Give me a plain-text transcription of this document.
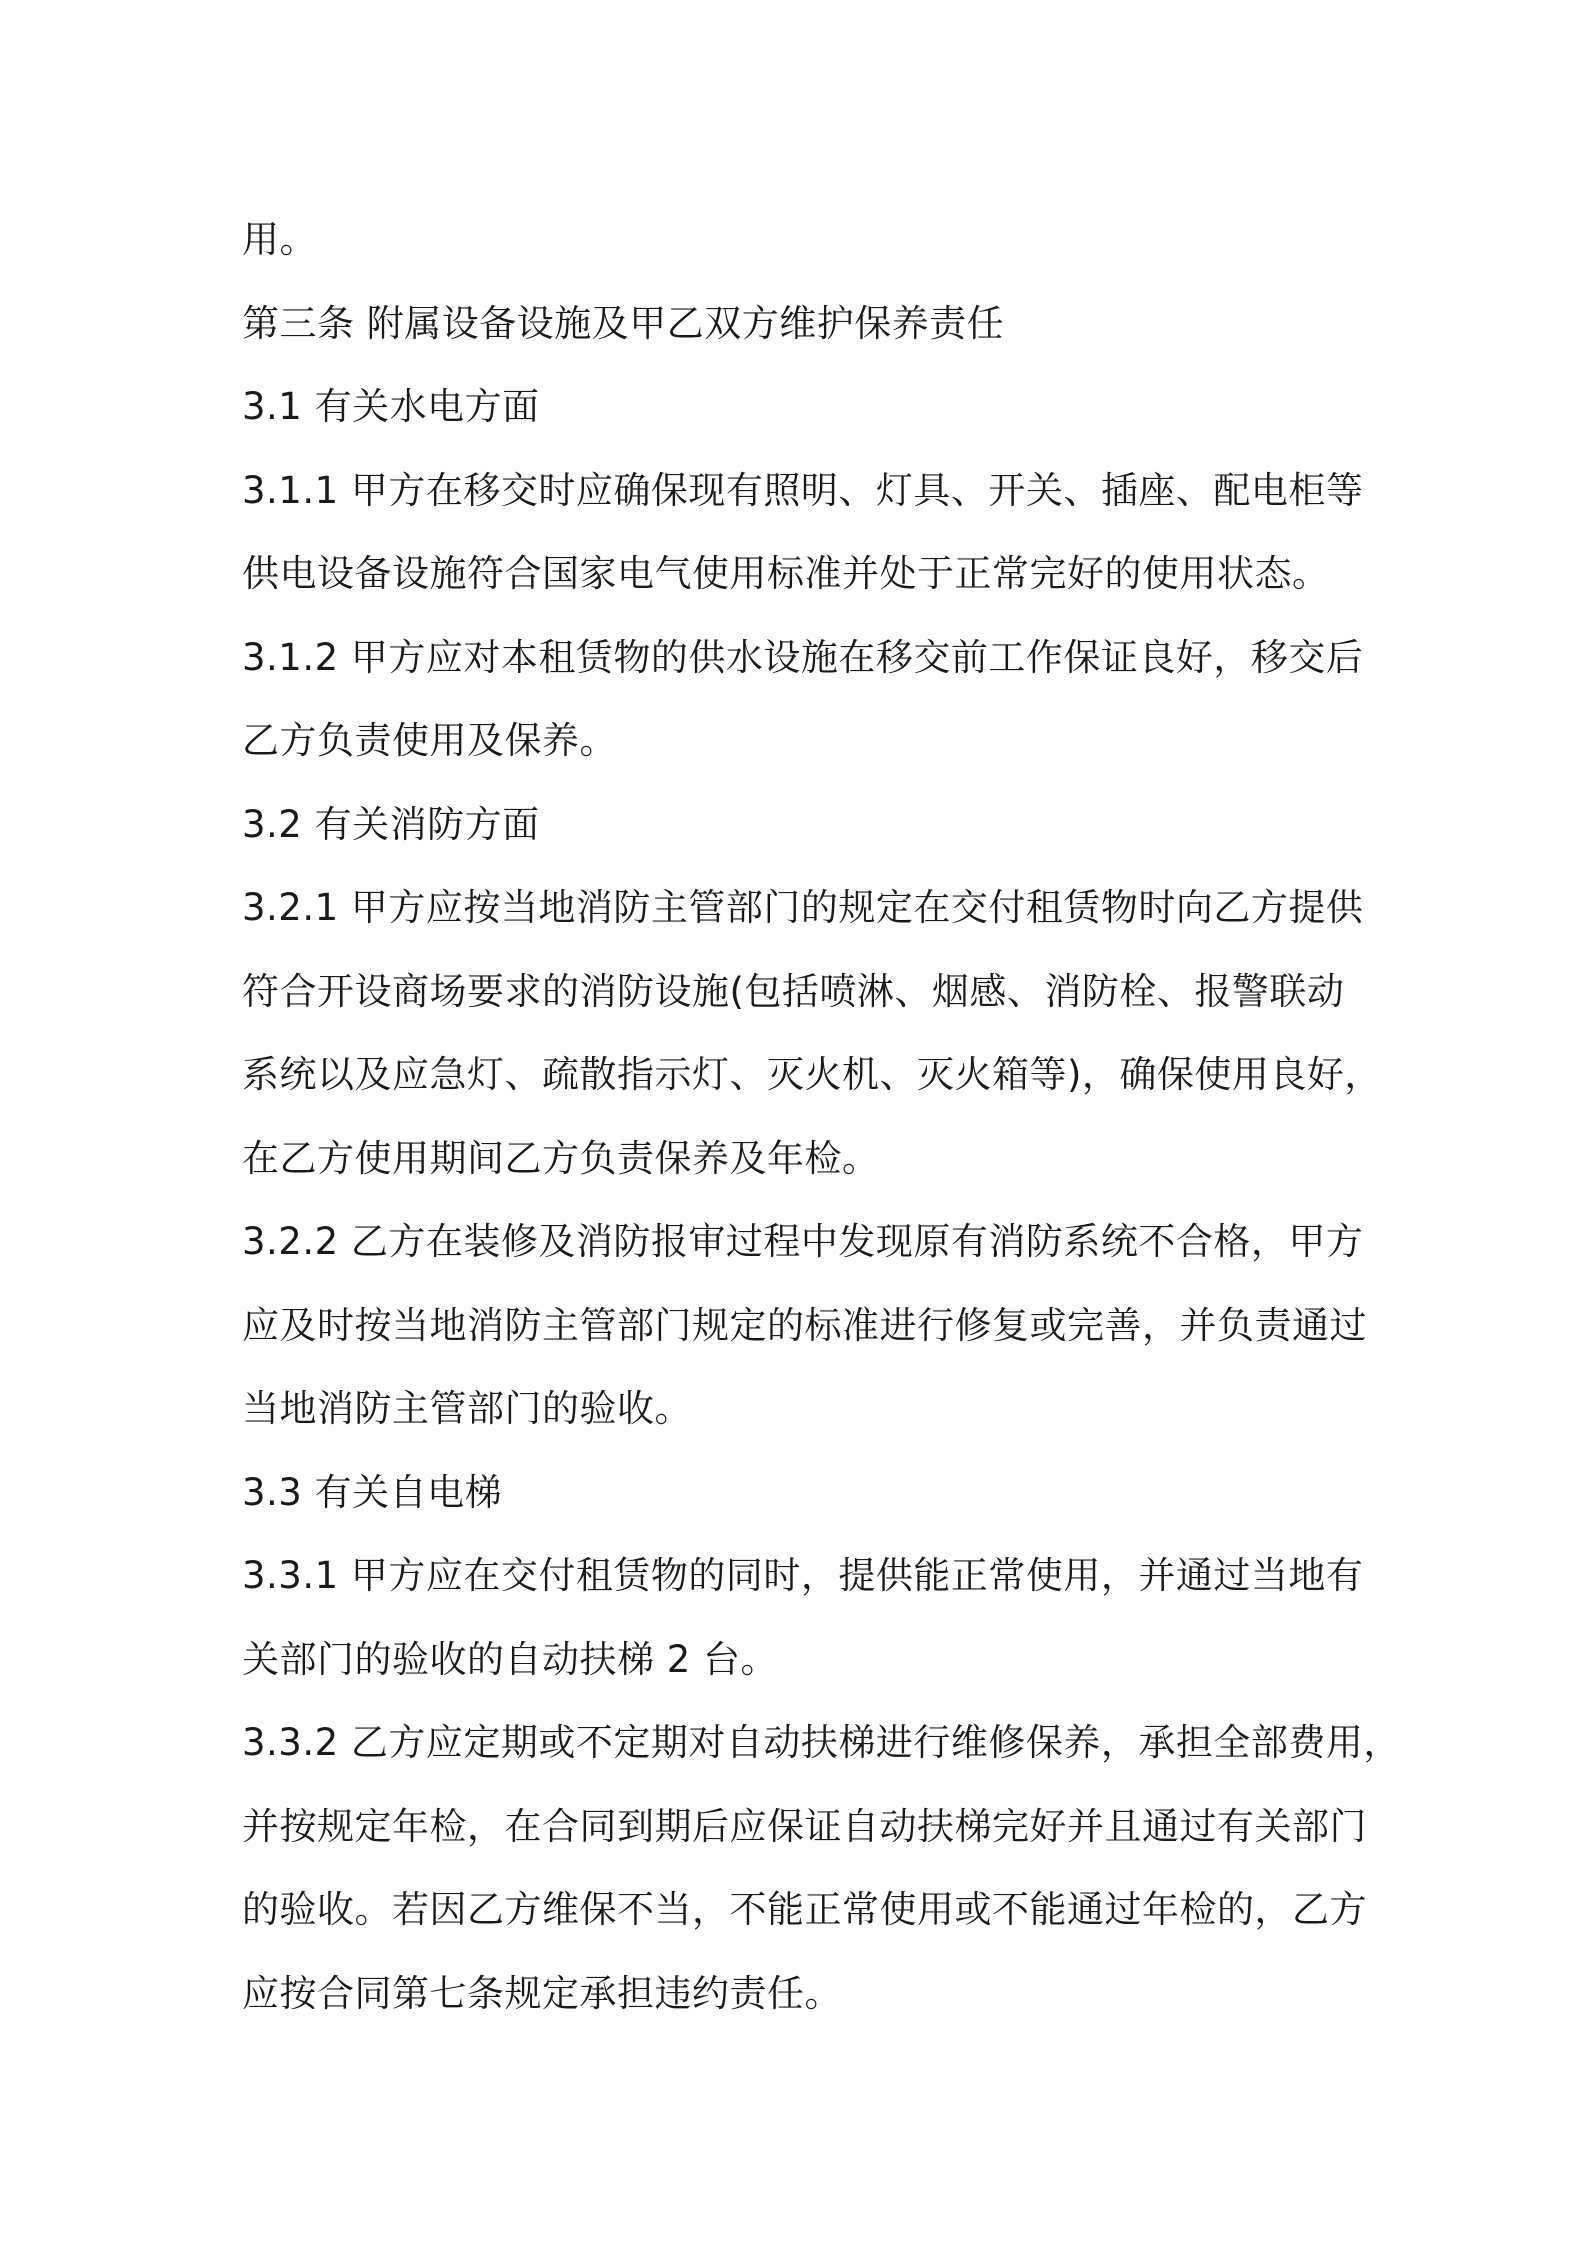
用。
第三条 附属设备设施及甲乙双方维护保养责任
3.1 有关水电方面
3.1.1 甲方在移交时应确保现有照明、灯具、开关、插座、配电柜等
供电设备设施符合国家电气使用标准并处于正常完好的使用状态。
3.1.2 甲方应对本租赁物的供水设施在移交前工作保证良好，移交后
乙方负责使用及保养。
3.2 有关消防方面
3.2.1 甲方应按当地消防主管部门的规定在交付租赁物时向乙方提供
符合开设商场要求的消防设施(包括喷淋、烟感、消防栓、报警联动
系统以及应急灯、疏散指示灯、灭火机、灭火箱等)，确保使用良好，
在乙方使用期间乙方负责保养及年检。
3.2.2 乙方在装修及消防报审过程中发现原有消防系统不合格，甲方
应及时按当地消防主管部门规定的标准进行修复或完善，并负责通过
当地消防主管部门的验收。
3.3 有关自电梯
3.3.1 甲方应在交付租赁物的同时，提供能正常使用，并通过当地有
关部门的验收的自动扶梯 2 台。
3.3.2 乙方应定期或不定期对自动扶梯进行维修保养，承担全部费用，
并按规定年检，在合同到期后应保证自动扶梯完好并且通过有关部门
的验收。若因乙方维保不当，不能正常使用或不能通过年检的，乙方
应按合同第七条规定承担违约责任。
